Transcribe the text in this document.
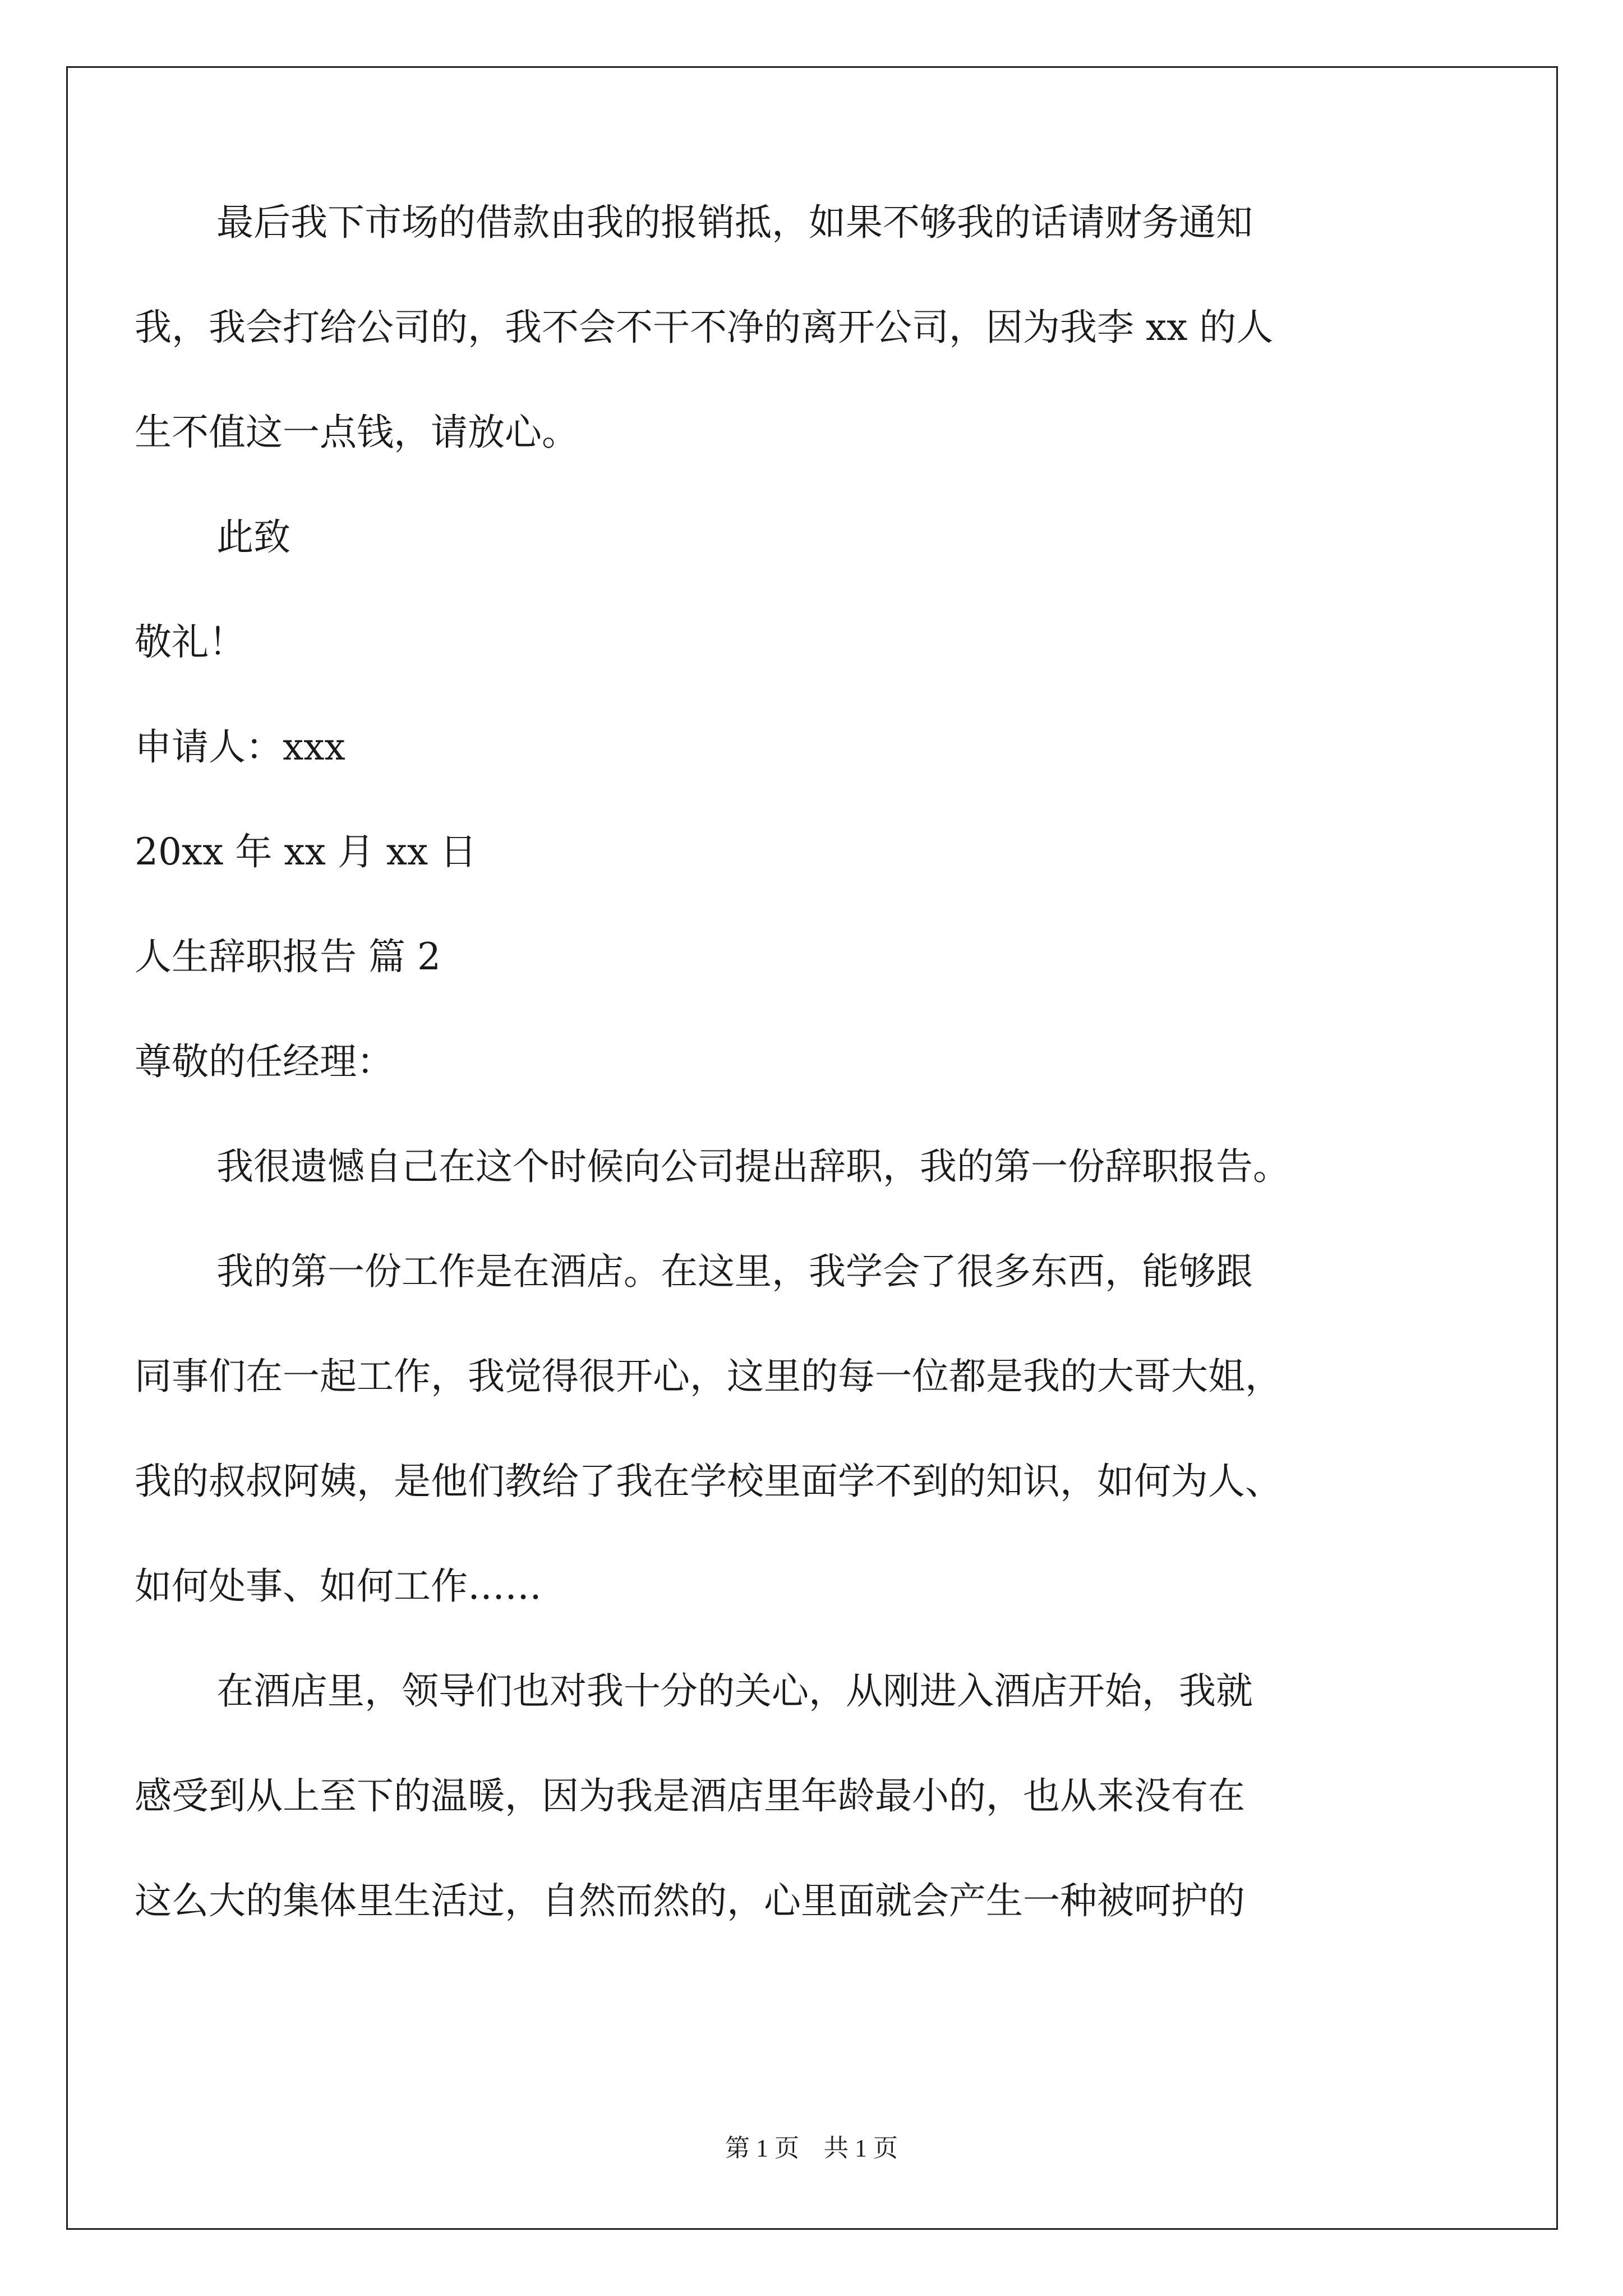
最后我下市场的借款由我的报销抵，如果不够我的话请财务通知
我，我会打给公司的，我不会不干不净的离开公司，因为我李 xx 的人
生不值这一点钱，请放心。
此致
敬礼！
申请人：xxx
20xx 年 xx 月 xx 日
人生辞职报告 篇 2
尊敬的任经理：
我很遗憾自己在这个时候向公司提出辞职，我的第一份辞职报告。
我的第一份工作是在酒店。在这里，我学会了很多东西，能够跟
同事们在一起工作，我觉得很开心，这里的每一位都是我的大哥大姐，
我的叔叔阿姨，是他们教给了我在学校里面学不到的知识，如何为人、
如何处事、如何工作……
在酒店里，领导们也对我十分的关心，从刚进入酒店开始，我就
感受到从上至下的温暖，因为我是酒店里年龄最小的，也从来没有在
这么大的集体里生活过，自然而然的，心里面就会产生一种被呵护的
第 1 页　共 1 页
